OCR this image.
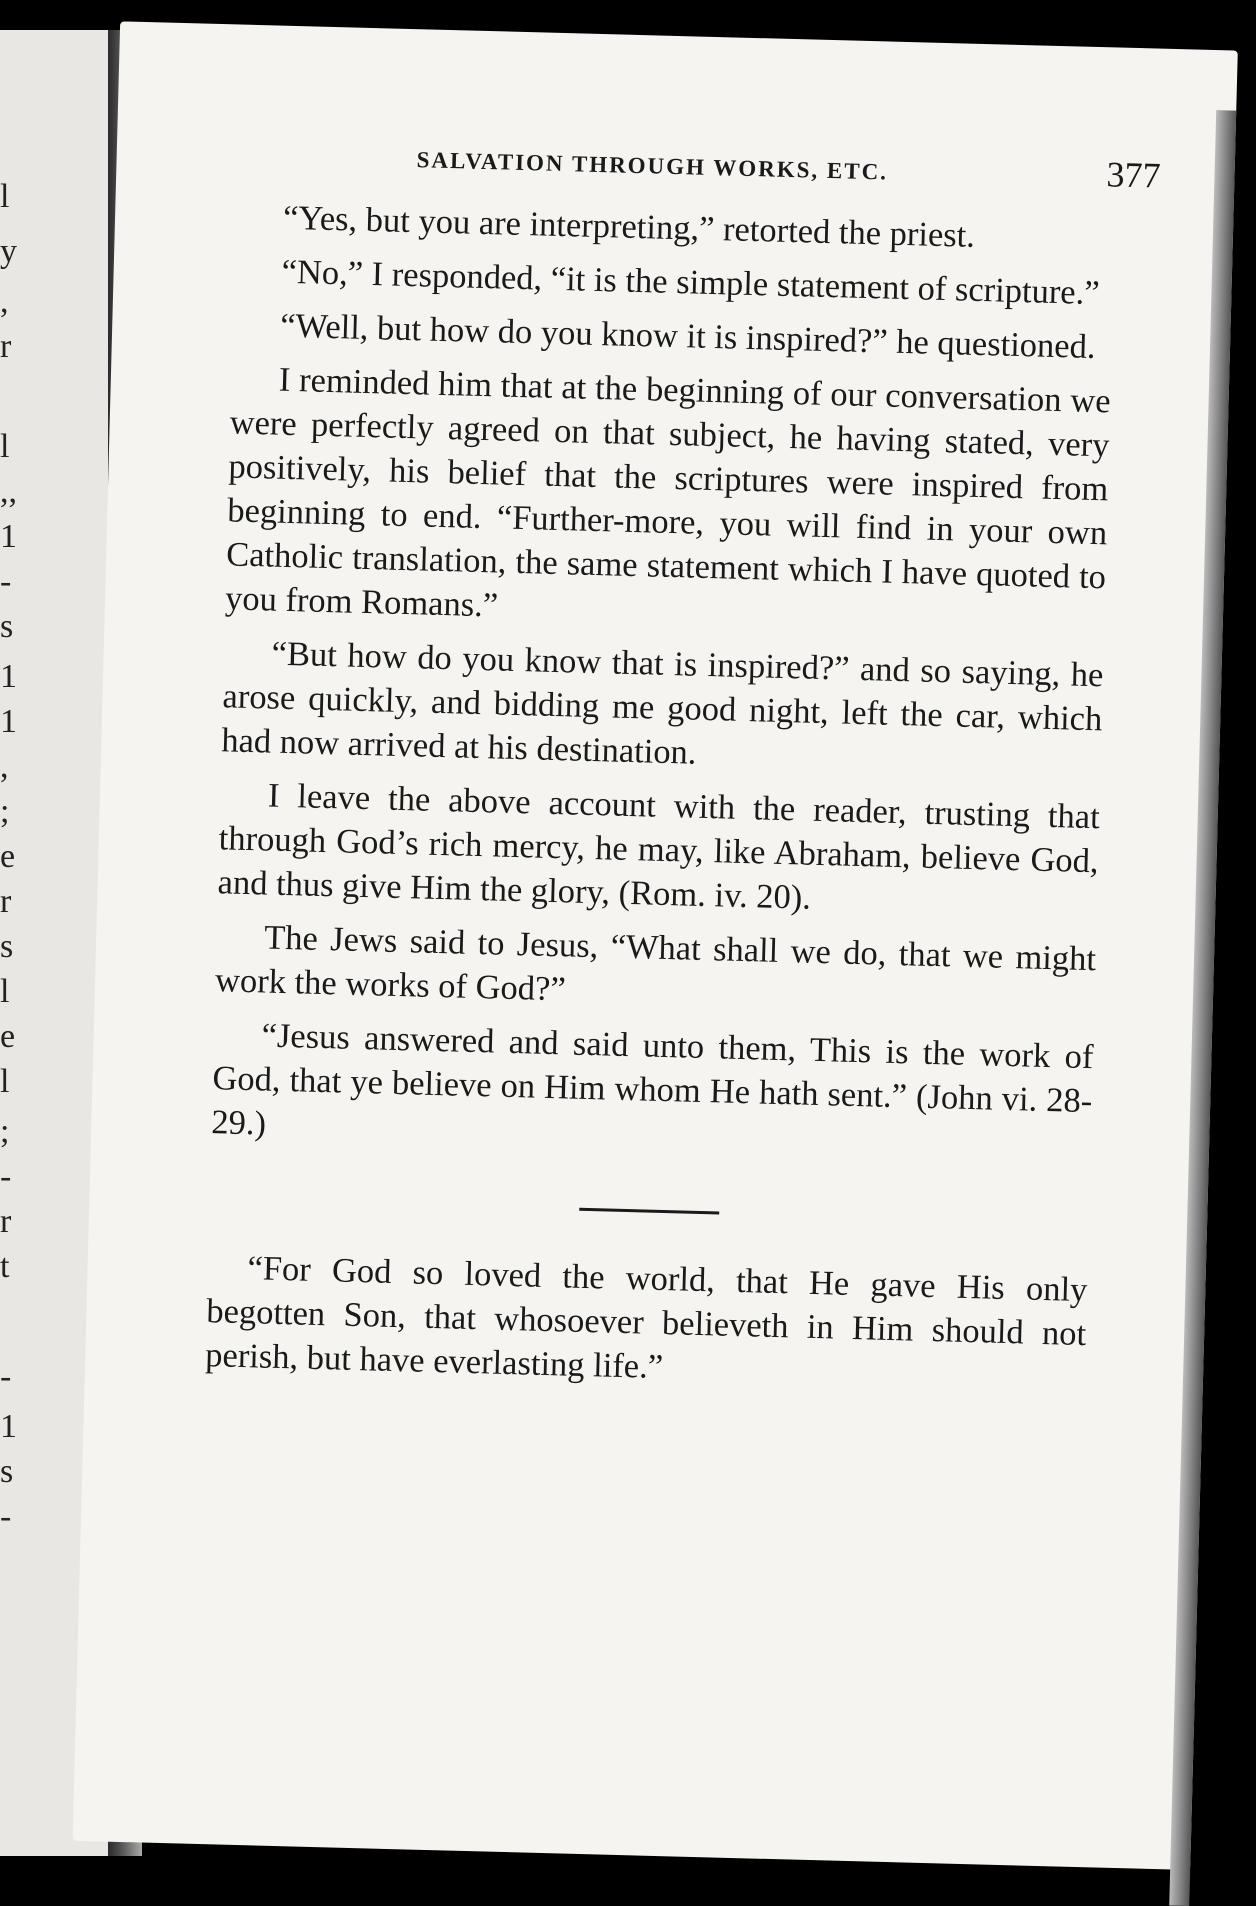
l
y
,
r
l
,,
1
-
s
1
1
,
;
e
r
s
l
e
l
;
-
r
t
-
1
s
-
SALVATION THROUGH WORKS, ETC.	377

“Yes, but you are interpreting,” retorted the priest.

“No,” I responded, “it is the simple statement of scripture.”

“Well, but how do you know it is inspired?” he questioned.

I reminded him that at the beginning of our conversation we were perfectly agreed on that subject, he having stated, very positively, his belief that the scriptures were inspired from beginning to end. “Further-more, you will find in your own Catholic translation, the same statement which I have quoted to you from Romans.”

“But how do you know that is inspired?” and so saying, he arose quickly, and bidding me good night, left the car, which had now arrived at his destination.

I leave the above account with the reader, trusting that through God’s rich mercy, he may, like Abraham, believe God, and thus give Him the glory, (Rom. iv. 20).

The Jews said to Jesus, “What shall we do, that we might work the works of God?”

“Jesus answered and said unto them, This is the work of God, that ye believe on Him whom He hath sent.” (John vi. 28-29.)

“For God so loved the world, that He gave His only begotten Son, that whosoever believeth in Him should not perish, but have everlasting life.”
